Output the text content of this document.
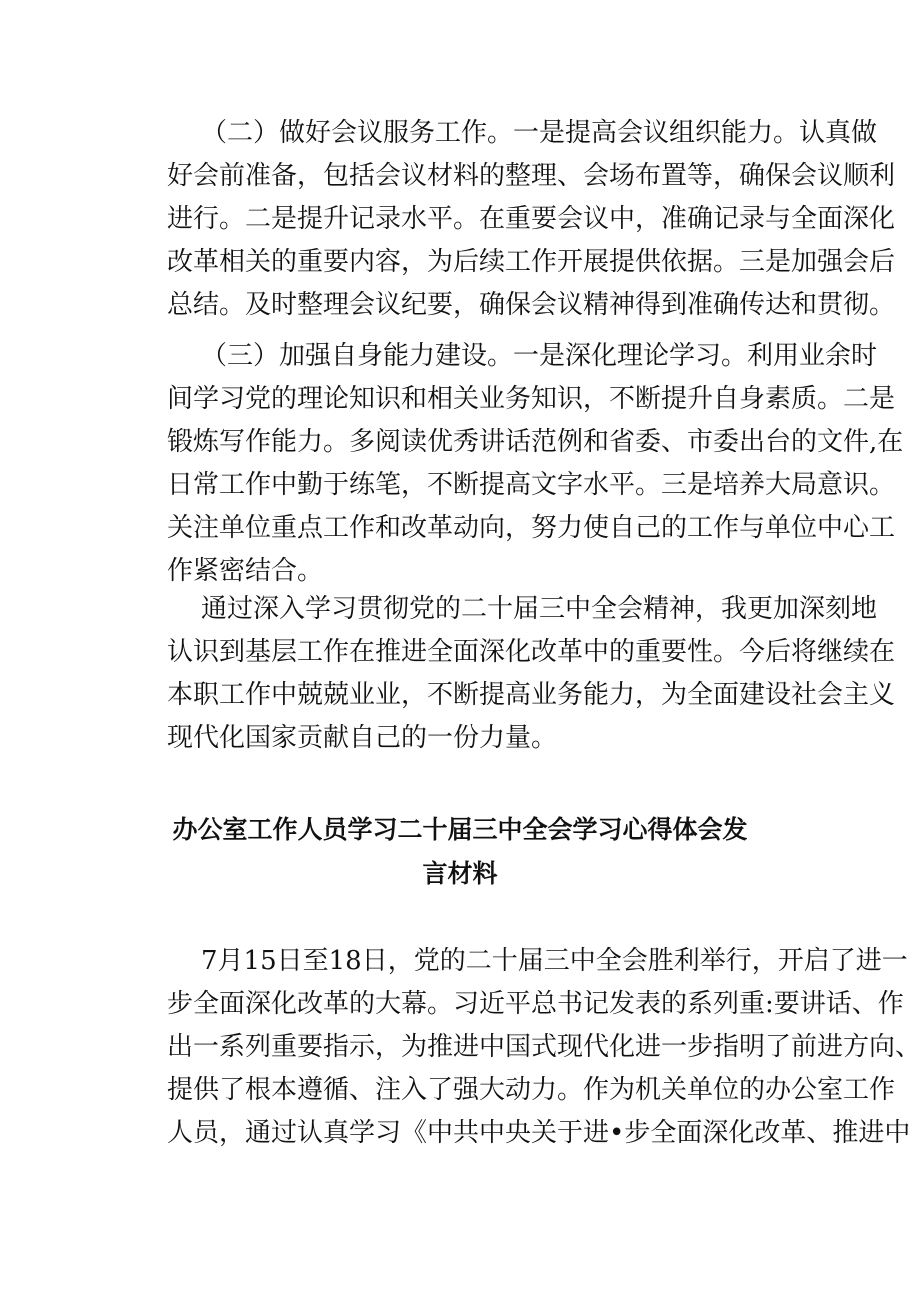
（二）做好会议服务工作。一是提高会议组织能力。认真做
好会前准备，包括会议材料的整理、会场布置等，确保会议顺利
进行。二是提升记录水平。在重要会议中，准确记录与全面深化
改革相关的重要内容，为后续工作开展提供依据。三是加强会后
总结。及时整理会议纪要，确保会议精神得到准确传达和贯彻。
（三）加强自身能力建设。一是深化理论学习。利用业余时
间学习党的理论知识和相关业务知识，不断提升自身素质。二是
锻炼写作能力。多阅读优秀讲话范例和省委、市委出台的文件,在
日常工作中勤于练笔，不断提高文字水平。三是培养大局意识。
关注单位重点工作和改革动向，努力使自己的工作与单位中心工
作紧密结合。
通过深入学习贯彻党的二十届三中全会精神，我更加深刻地
认识到基层工作在推进全面深化改革中的重要性。今后将继续在
本职工作中兢兢业业，不断提高业务能力，为全面建设社会主义
现代化国家贡献自己的一份力量。
办公室工作人员学习二十届三中全会学习心得体会发
言材料
7月15日至18日，党的二十届三中全会胜利举行，开启了进一
步全面深化改革的大幕。习近平总书记发表的系列重:要讲话、作
出一系列重要指示，为推进中国式现代化进一步指明了前进方向、
提供了根本遵循、注入了强大动力。作为机关单位的办公室工作
人员，通过认真学习《中共中央关于进•步全面深化改革、推进中
